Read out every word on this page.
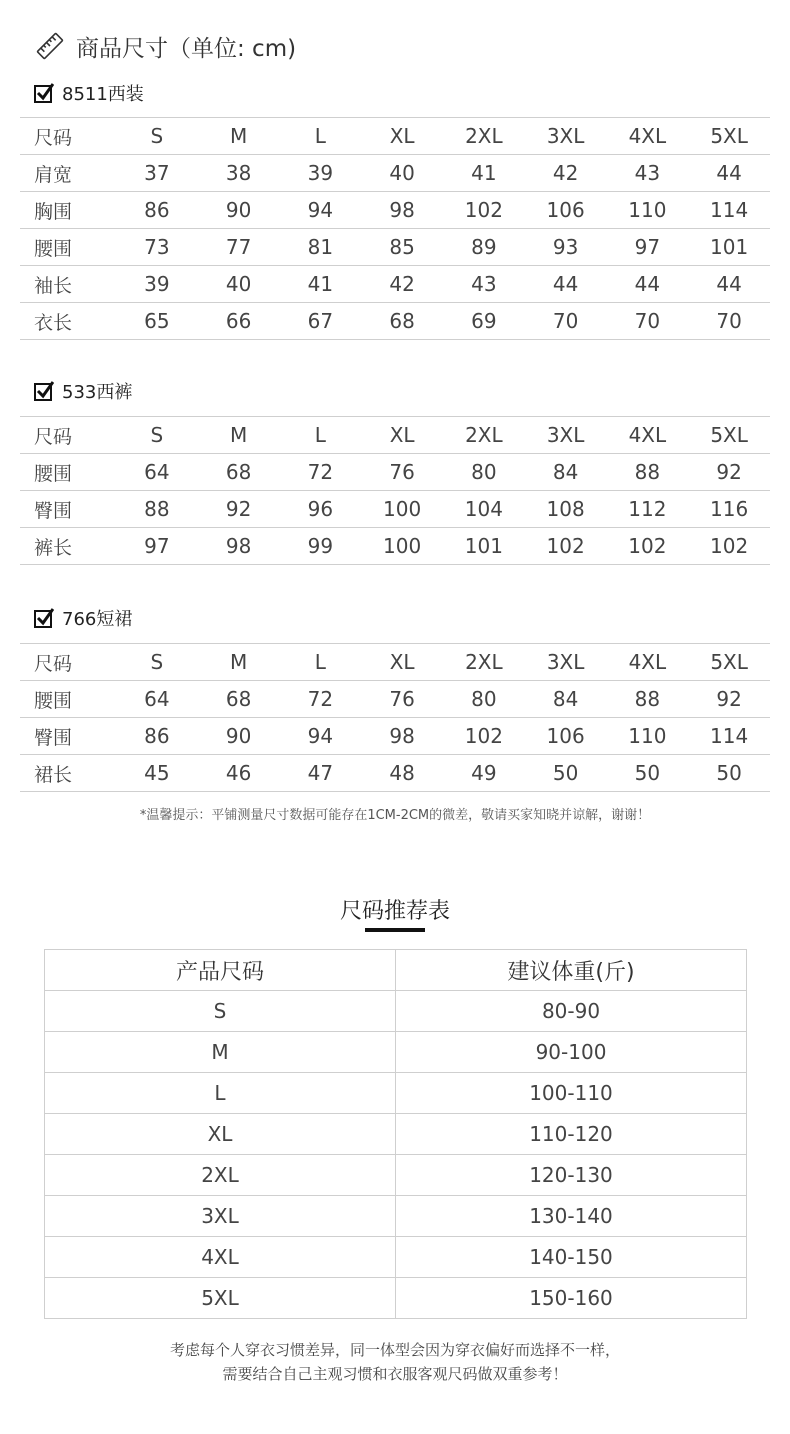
商品尺寸（单位: cm)
8511西装
尺码	S	M	L	XL	2XL	3XL	4XL	5XL
肩宽	37	38	39	40	41	42	43	44
胸围	86	90	94	98	102	106	110	114
腰围	73	77	81	85	89	93	97	101
袖长	39	40	41	42	43	44	44	44
衣长	65	66	67	68	69	70	70	70
533西裤
尺码	S	M	L	XL	2XL	3XL	4XL	5XL
腰围	64	68	72	76	80	84	88	92
臀围	88	92	96	100	104	108	112	116
裤长	97	98	99	100	101	102	102	102
766短裙
尺码	S	M	L	XL	2XL	3XL	4XL	5XL
腰围	64	68	72	76	80	84	88	92
臀围	86	90	94	98	102	106	110	114
裙长	45	46	47	48	49	50	50	50
*温馨提示：平铺测量尺寸数据可能存在1CM-2CM的微差，敬请买家知晓并谅解，谢谢！
尺码推荐表
产品尺码	建议体重(斤)
S	80-90
M	90-100
L	100-110
XL	110-120
2XL	120-130
3XL	130-140
4XL	140-150
5XL	150-160
考虑每个人穿衣习惯差异，同一体型会因为穿衣偏好而选择不一样，
需要结合自己主观习惯和衣服客观尺码做双重参考！
